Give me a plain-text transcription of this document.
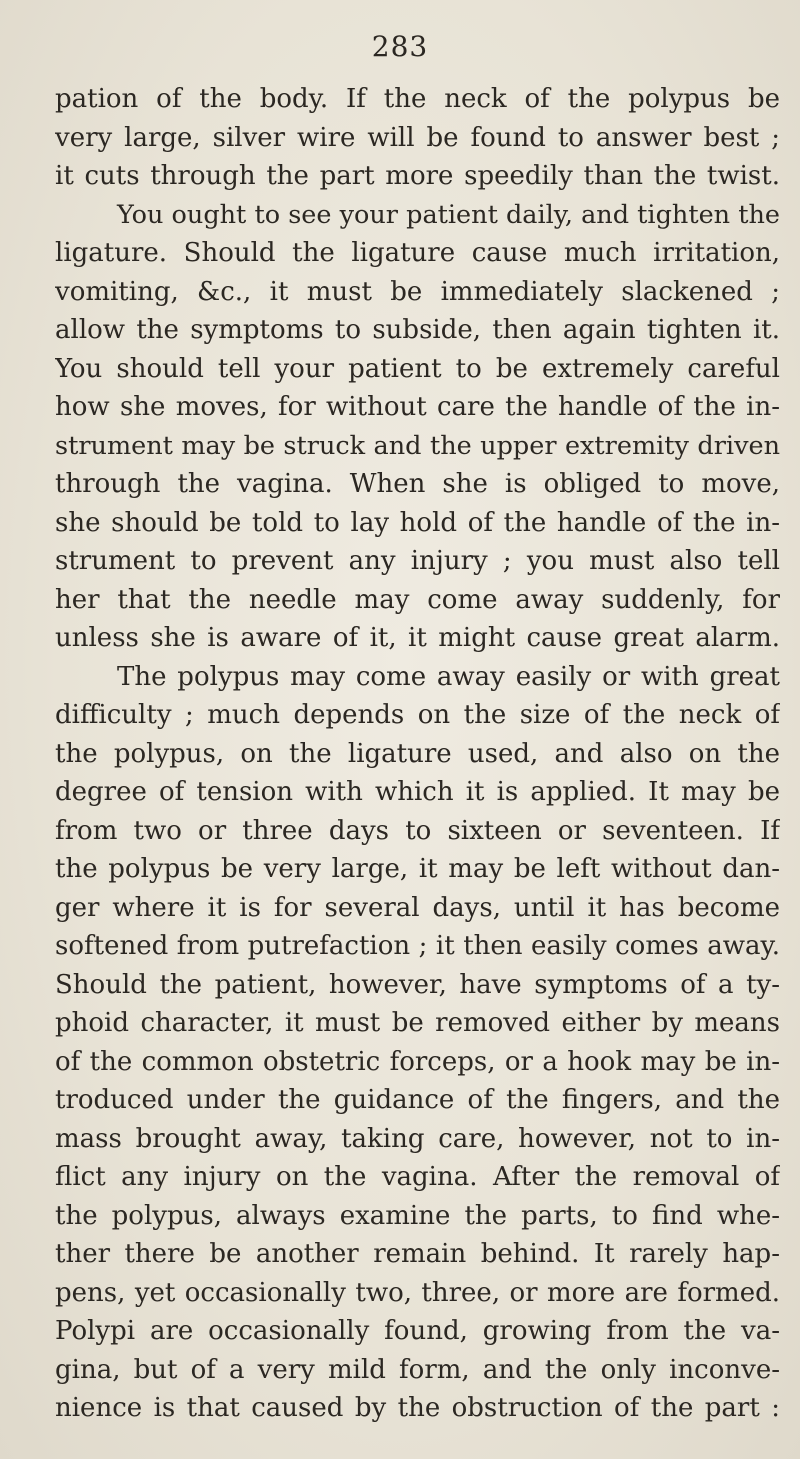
283
pation of the body. If the neck of the polypus be
very large, silver wire will be found to answer best ;
it cuts through the part more speedily than the twist.
You ought to see your patient daily, and tighten the
ligature. Should the ligature cause much irritation,
vomiting, &c., it must be immediately slackened ;
allow the symptoms to subside, then again tighten it.
You should tell your patient to be extremely careful
how she moves, for without care the handle of the in-
strument may be struck and the upper extremity driven
through the vagina. When she is obliged to move,
she should be told to lay hold of the handle of the in-
strument to prevent any injury ; you must also tell
her that the needle may come away suddenly, for
unless she is aware of it, it might cause great alarm.
The polypus may come away easily or with great
difficulty ; much depends on the size of the neck of
the polypus, on the ligature used, and also on the
degree of tension with which it is applied. It may be
from two or three days to sixteen or seventeen. If
the polypus be very large, it may be left without dan-
ger where it is for several days, until it has become
softened from putrefaction ; it then easily comes away.
Should the patient, however, have symptoms of a ty-
phoid character, it must be removed either by means
of the common obstetric forceps, or a hook may be in-
troduced under the guidance of the fingers, and the
mass brought away, taking care, however, not to in-
flict any injury on the vagina. After the removal of
the polypus, always examine the parts, to find whe-
ther there be another remain behind. It rarely hap-
pens, yet occasionally two, three, or more are formed.
Polypi are occasionally found, growing from the va-
gina, but of a very mild form, and the only inconve-
nience is that caused by the obstruction of the part :
